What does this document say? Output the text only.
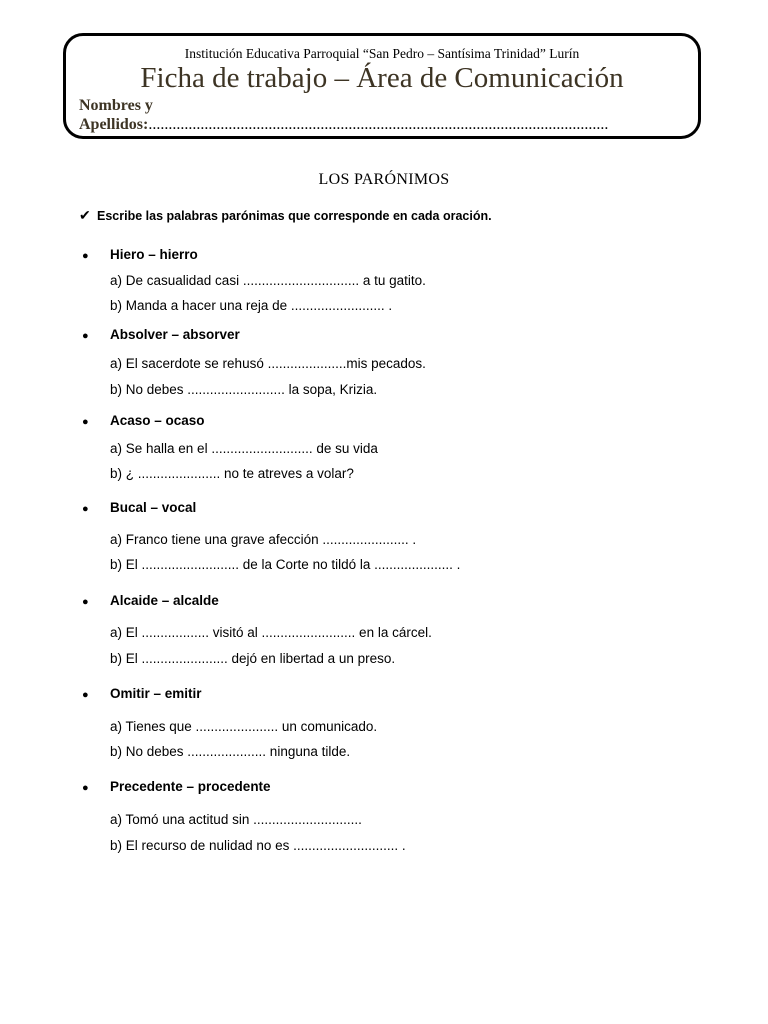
Institución Educativa Parroquial “San Pedro – Santísima Trinidad” Lurín
Ficha de trabajo – Área de Comunicación
Nombres y
Apellidos:...................................................................................................................
LOS PARÓNIMOS
✔ Escribe las palabras parónimas que corresponde en cada oración.
● Hiero – hierro
a) De casualidad casi ............................... a tu gatito.
b) Manda a hacer una reja de ......................... .
● Absolver – absorver
a) El sacerdote se rehusó .....................mis pecados.
b) No debes .......................... la sopa, Krizia.
● Acaso – ocaso
a) Se halla en el ........................... de su vida
b) ¿ ...................... no te atreves a volar?
● Bucal – vocal
a) Franco tiene una grave afección ....................... .
b) El .......................... de la Corte no tildó la ..................... .
● Alcaide – alcalde
a) El .................. visitó al ......................... en la cárcel.
b) El ....................... dejó en libertad a un preso.
● Omitir – emitir
a) Tienes que ...................... un comunicado.
b) No debes ..................... ninguna tilde.
● Precedente – procedente
a) Tomó una actitud sin .............................
b) El recurso de nulidad no es ............................ .
